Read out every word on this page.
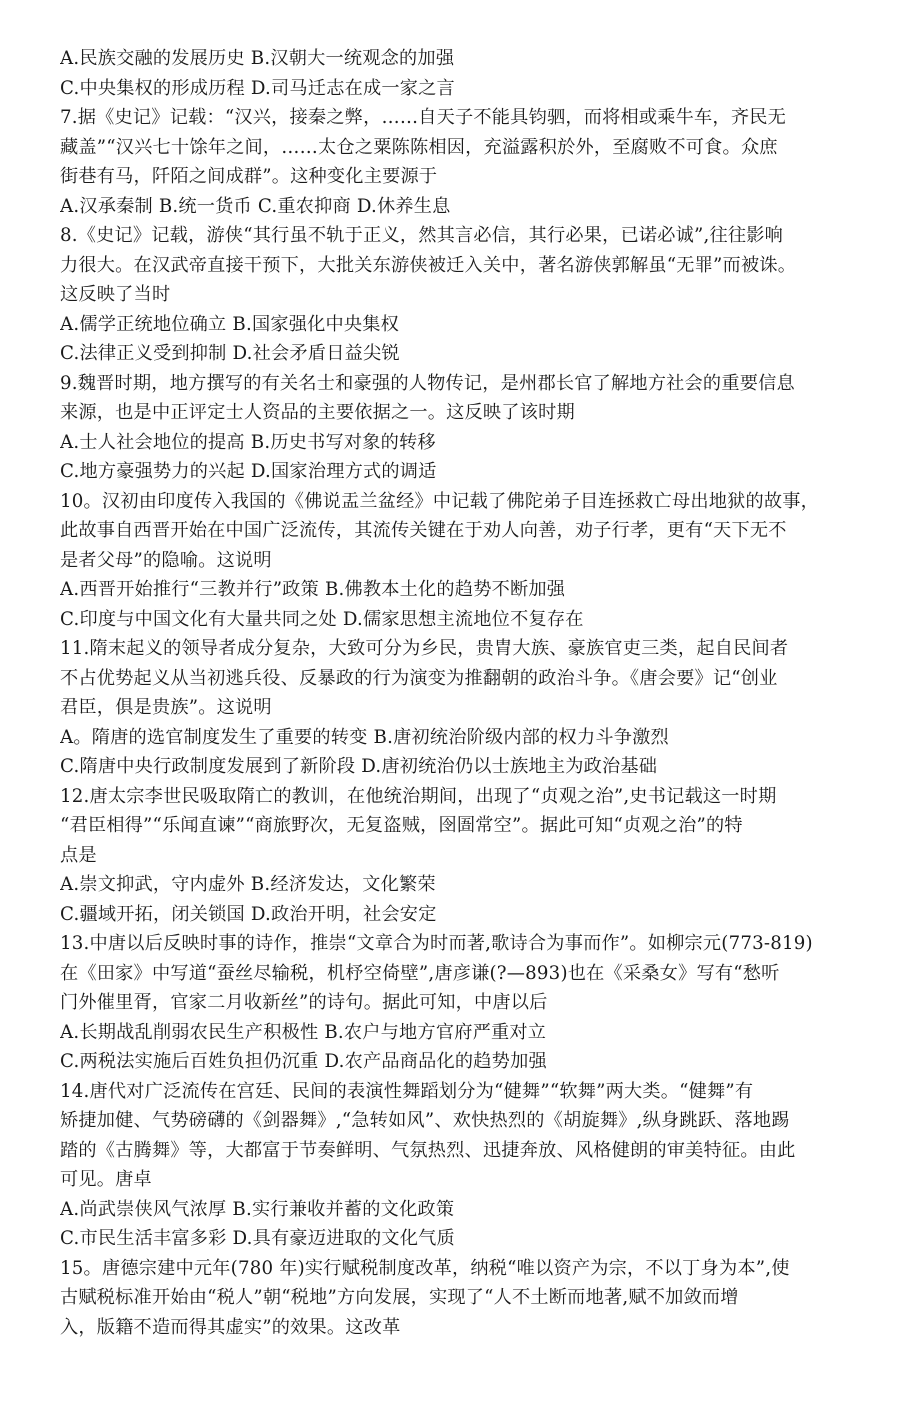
A.民族交融的发展历史 B.汉朝大一统观念的加强
C.中央集权的形成历程 D.司马迁志在成一家之言
7.据《史记》记载：“汉兴，接秦之弊，……自天子不能具钧驷，而将相或乘牛车，齐民无
藏盖”“汉兴七十馀年之间，……太仓之粟陈陈相因，充溢露积於外，至腐败不可食。众庶
街巷有马，阡陌之间成群”。这种变化主要源于
A.汉承秦制 B.统一货币 C.重农抑商 D.休养生息
8.《史记》记载，游侠“其行虽不轨于正义，然其言必信，其行必果，已诺必诚”,往往影响
力很大。在汉武帝直接干预下，大批关东游侠被迁入关中，著名游侠郭解虽“无罪”而被诛。
这反映了当时
A.儒学正统地位确立 B.国家强化中央集权
C.法律正义受到抑制 D.社会矛盾日益尖锐
9.魏晋时期，地方撰写的有关名士和豪强的人物传记，是州郡长官了解地方社会的重要信息
来源，也是中正评定士人资品的主要依据之一。这反映了该时期
A.士人社会地位的提高 B.历史书写对象的转移
C.地方豪强势力的兴起 D.国家治理方式的调适
10。汉初由印度传入我国的《佛说盂兰盆经》中记载了佛陀弟子目连拯救亡母出地狱的故事，
此故事自西晋开始在中国广泛流传，其流传关键在于劝人向善，劝子行孝，更有“天下无不
是者父母”的隐喻。这说明
A.西晋开始推行“三教并行”政策 B.佛教本土化的趋势不断加强
C.印度与中国文化有大量共同之处 D.儒家思想主流地位不复存在
11.隋末起义的领导者成分复杂，大致可分为乡民，贵胄大族、豪族官吏三类，起自民间者
不占优势起义从当初逃兵役、反暴政的行为演变为推翻朝的政治斗争。《唐会要》记“创业
君臣，俱是贵族”。这说明
A。隋唐的选官制度发生了重要的转变 B.唐初统治阶级内部的权力斗争激烈
C.隋唐中央行政制度发展到了新阶段 D.唐初统治仍以士族地主为政治基础
12.唐太宗李世民吸取隋亡的教训，在他统治期间，出现了“贞观之治”,史书记载这一时期
“君臣相得”“乐闻直谏”“商旅野次，无复盗贼，囹圄常空”。据此可知“贞观之治”的特
点是
A.崇文抑武，守内虚外 B.经济发达，文化繁荣
C.疆域开拓，闭关锁国 D.政治开明，社会安定
13.中唐以后反映时事的诗作，推崇“文章合为时而著,歌诗合为事而作”。如柳宗元(773-819)
在《田家》中写道“蚕丝尽输税，机杼空倚壁”,唐彦谦(?—893)也在《采桑女》写有“愁听
门外催里胥，官家二月收新丝”的诗句。据此可知，中唐以后
A.长期战乱削弱农民生产积极性 B.农户与地方官府严重对立
C.两税法实施后百姓负担仍沉重 D.农产品商品化的趋势加强
14.唐代对广泛流传在宫廷、民间的表演性舞蹈划分为“健舞”“软舞”两大类。“健舞”有
矫捷加健、气势磅礴的《剑器舞》,“急转如风”、欢快热烈的《胡旋舞》,纵身跳跃、落地踢
踏的《古腾舞》等，大都富于节奏鲜明、气氛热烈、迅捷奔放、风格健朗的审美特征。由此
可见。唐卓
A.尚武崇侠风气浓厚 B.实行兼收并蓄的文化政策
C.市民生活丰富多彩 D.具有豪迈进取的文化气质
15。唐德宗建中元年(780 年)实行赋税制度改革，纳税“唯以资产为宗，不以丁身为本”,使
古赋税标准开始由“税人”朝“税地”方向发展，实现了“人不土断而地著,赋不加敛而增
入，版籍不造而得其虚实”的效果。这改革
